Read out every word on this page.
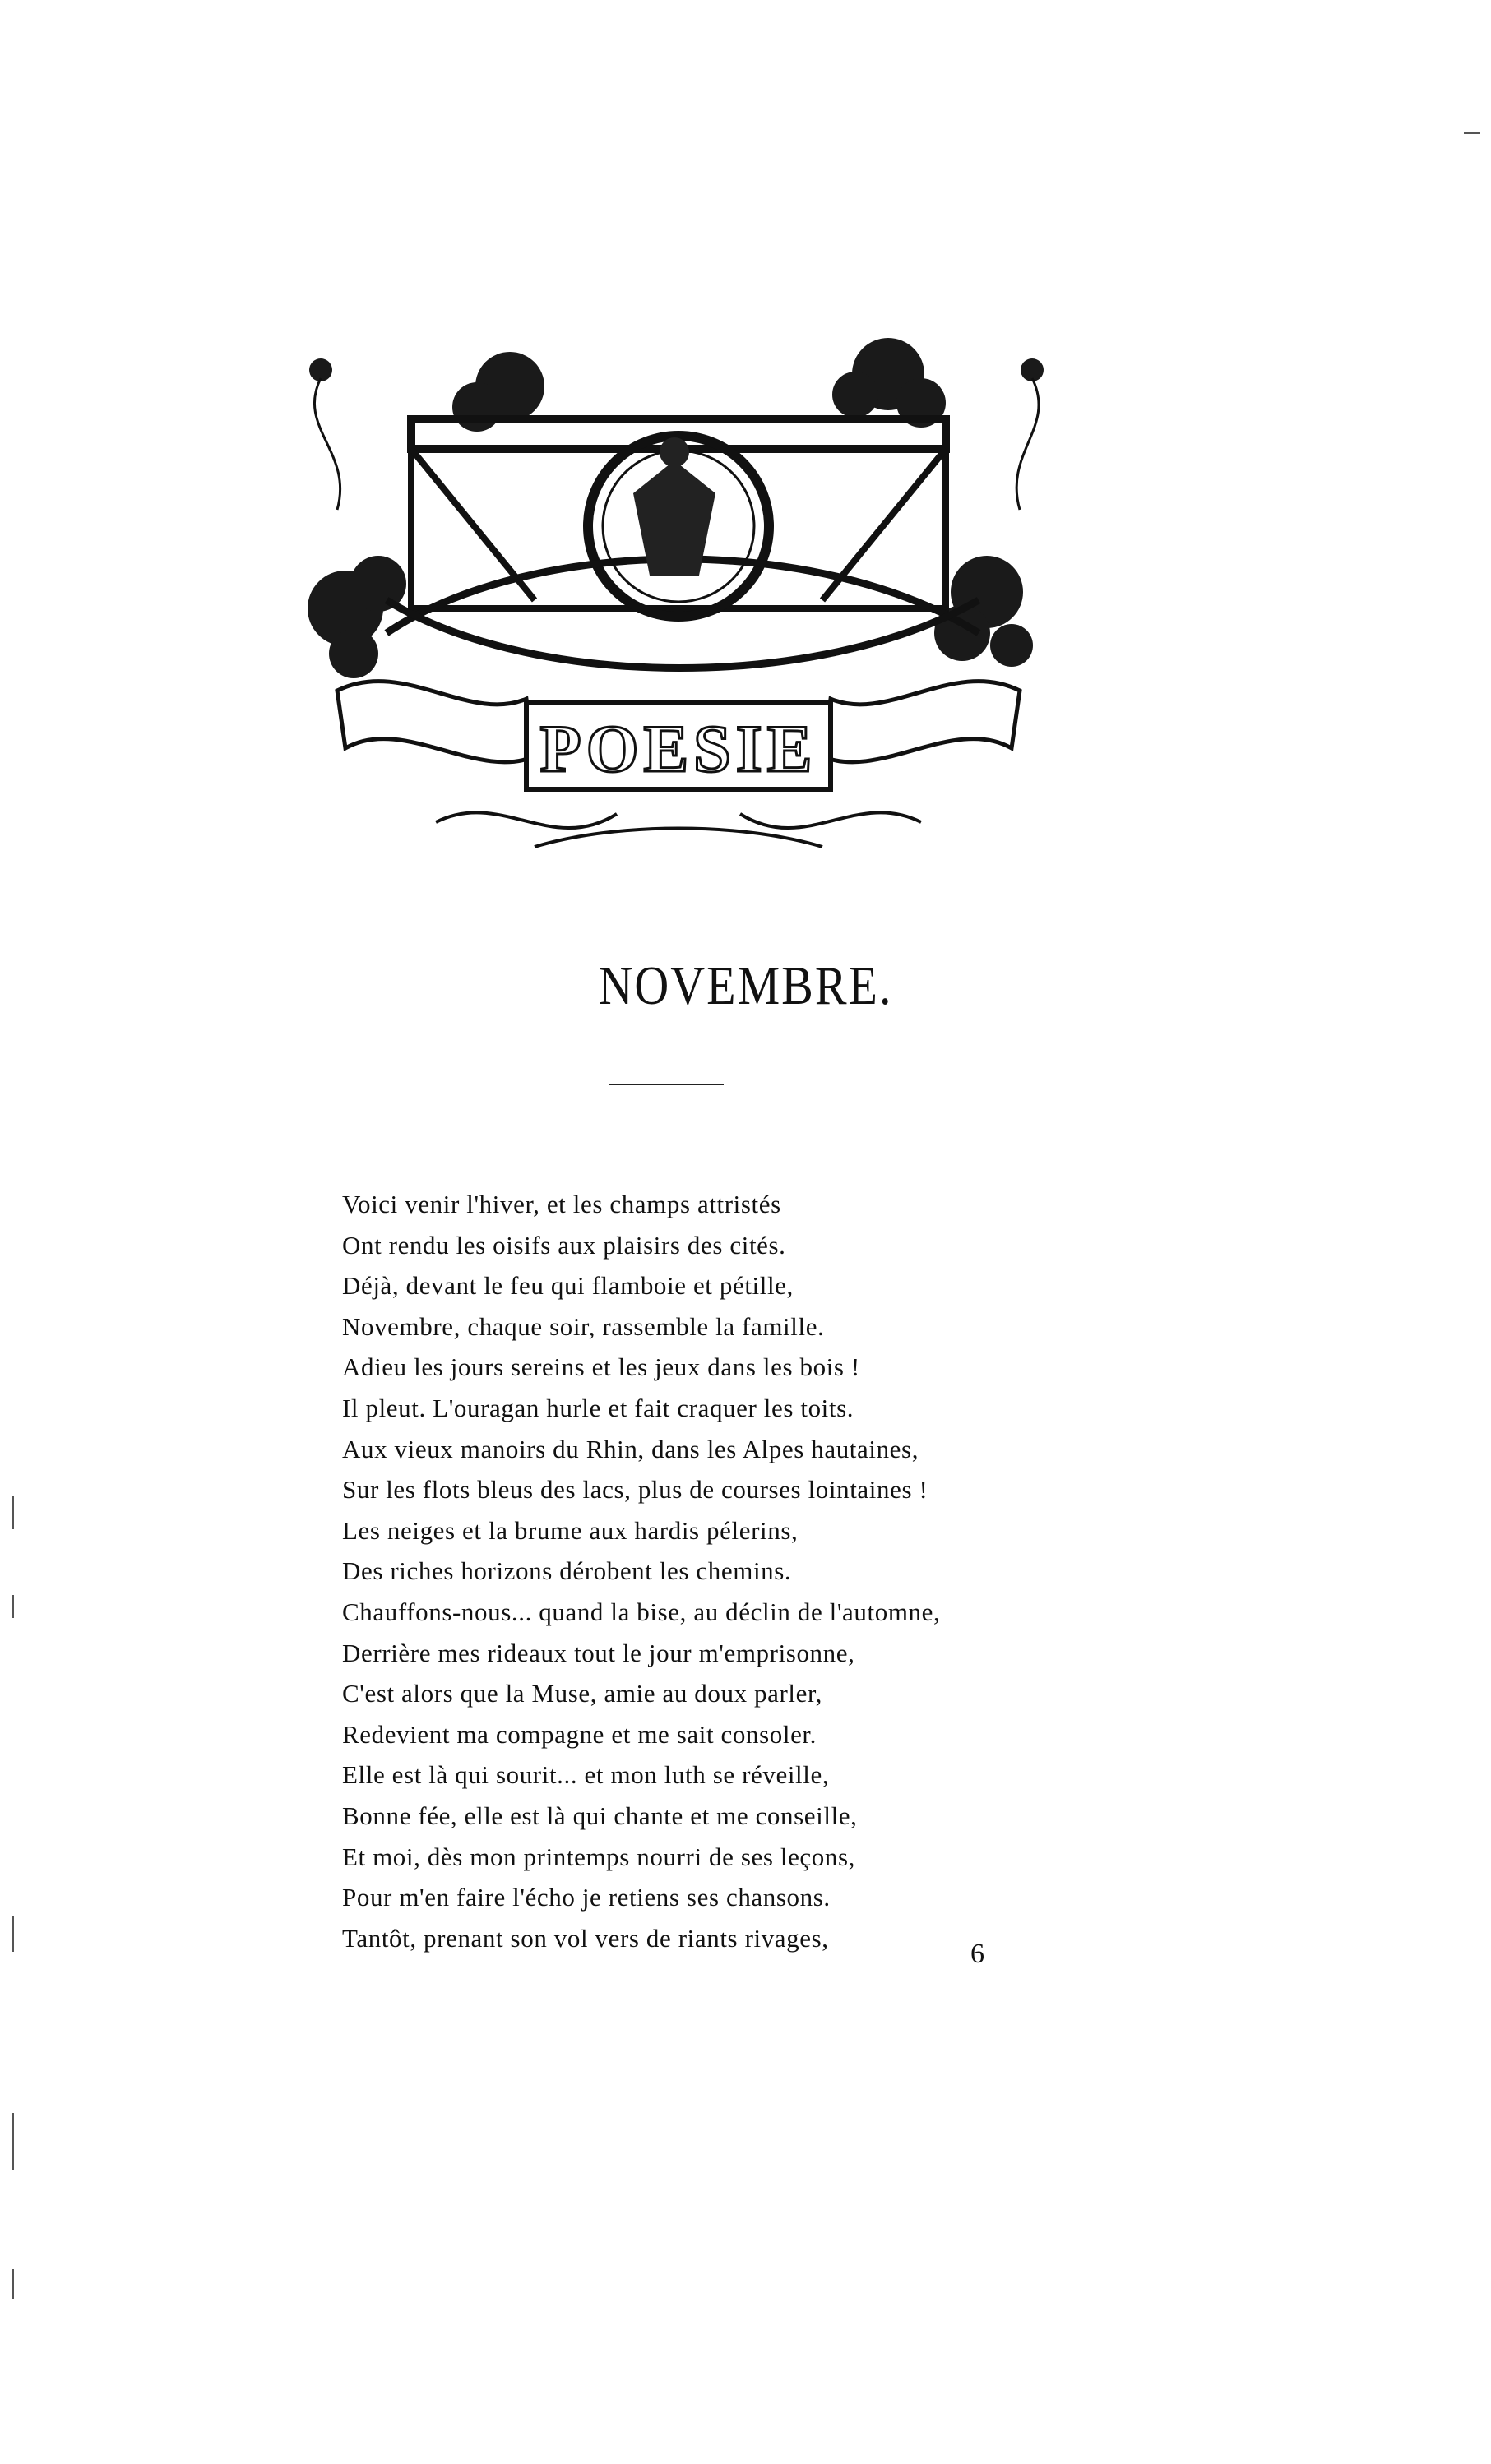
POESIE
NOVEMBRE.
Voici venir l'hiver, et les champs attristés
Ont rendu les oisifs aux plaisirs des cités.
Déjà, devant le feu qui flamboie et pétille,
Novembre, chaque soir, rassemble la famille.
Adieu les jours sereins et les jeux dans les bois !
Il pleut. L'ouragan hurle et fait craquer les toits.
Aux vieux manoirs du Rhin, dans les Alpes hautaines,
Sur les flots bleus des lacs, plus de courses lointaines !
Les neiges et la brume aux hardis pélerins,
Des riches horizons dérobent les chemins.
Chauffons-nous... quand la bise, au déclin de l'automne,
Derrière mes rideaux tout le jour m'emprisonne,
C'est alors que la Muse, amie au doux parler,
Redevient ma compagne et me sait consoler.
Elle est là qui sourit... et mon luth se réveille,
Bonne fée, elle est là qui chante et me conseille,
Et moi, dès mon printemps nourri de ses leçons,
Pour m'en faire l'écho je retiens ses chansons.
Tantôt, prenant son vol vers de riants rivages,
6
